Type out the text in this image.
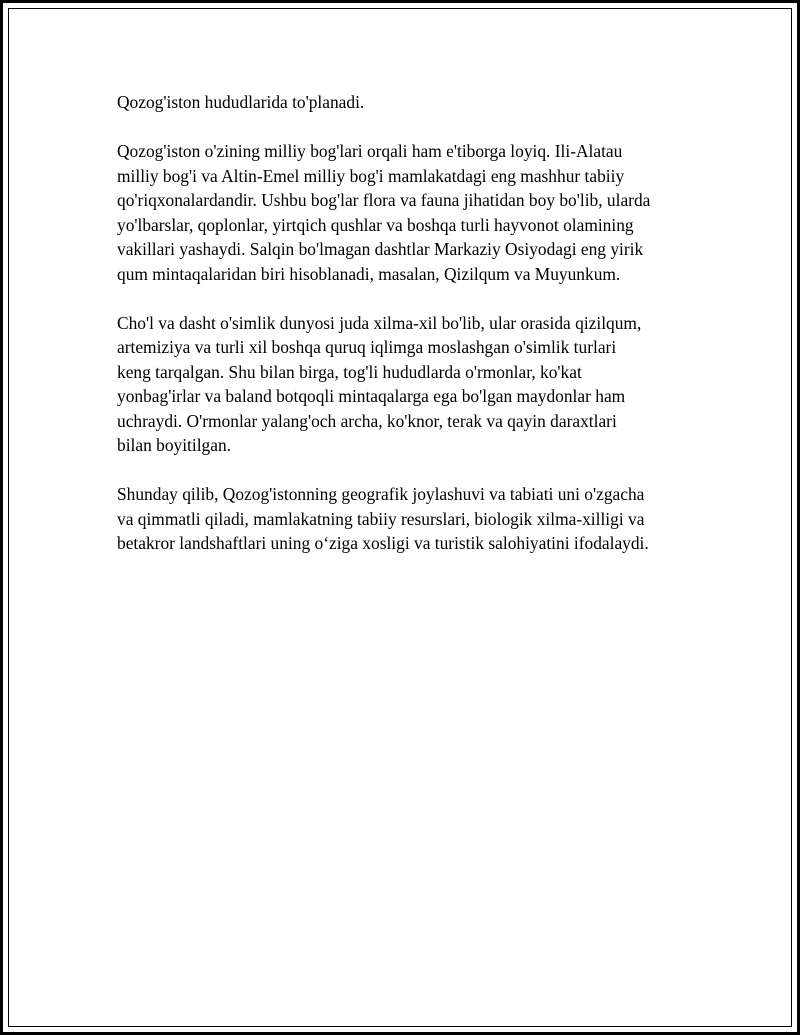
Qozog'iston hududlarida to'planadi.

Qozog'iston o'zining milliy bog'lari orqali ham e'tiborga loyiq. Ili-Alatau
milliy bog'i va Altin-Emel milliy bog'i mamlakatdagi eng mashhur tabiiy
qo'riqxonalardandir. Ushbu bog'lar flora va fauna jihatidan boy bo'lib, ularda
yo'lbarslar, qoplonlar, yirtqich qushlar va boshqa turli hayvonot olamining
vakillari yashaydi. Salqin bo'lmagan dashtlar Markaziy Osiyodagi eng yirik
qum mintaqalaridan biri hisoblanadi, masalan, Qizilqum va Muyunkum.

Cho'l va dasht o'simlik dunyosi juda xilma-xil bo'lib, ular orasida qizilqum,
artemiziya va turli xil boshqa quruq iqlimga moslashgan o'simlik turlari
keng tarqalgan. Shu bilan birga, tog'li hududlarda o'rmonlar, ko'kat
yonbag'irlar va baland botqoqli mintaqalarga ega bo'lgan maydonlar ham
uchraydi. O'rmonlar yalang'och archa, ko'knor, terak va qayin daraxtlari
bilan boyitilgan.

Shunday qilib, Qozog'istonning geografik joylashuvi va tabiati uni o'zgacha
va qimmatli qiladi, mamlakatning tabiiy resurslari, biologik xilma-xilligi va
betakror landshaftlari uning o‘ziga xosligi va turistik salohiyatini ifodalaydi.
